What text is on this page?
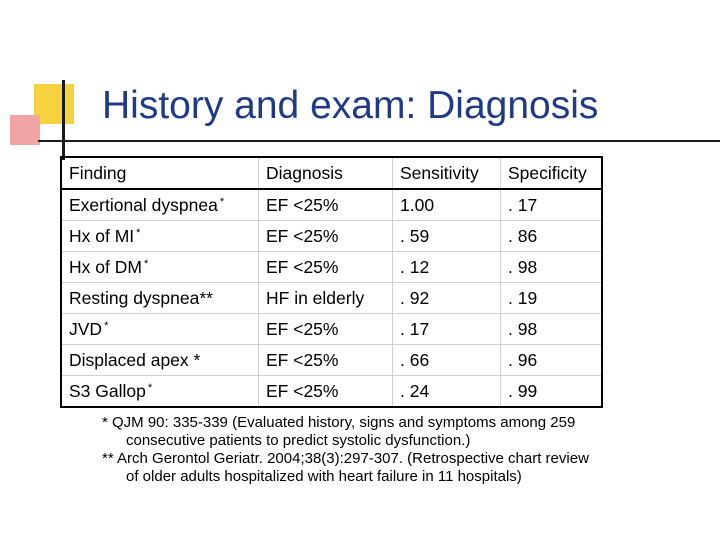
History and exam: Diagnosis
Finding	Diagnosis	Sensitivity	Specificity
Exertional dyspnea *	EF <25%	1.00	. 17
Hx of MI *	EF <25%	. 59	. 86
Hx of DM *	EF <25%	. 12	. 98
Resting dyspnea**	HF in elderly	. 92	. 19
JVD *	EF <25%	. 17	. 98
Displaced apex *	EF <25%	. 66	. 96
S3 Gallop *	EF <25%	. 24	. 99
* QJM 90: 335-339 (Evaluated history, signs and symptoms among 259
consecutive patients to predict systolic dysfunction.)
** Arch Gerontol Geriatr. 2004;38(3):297-307. (Retrospective chart review
of older adults hospitalized with heart failure in 11 hospitals)
